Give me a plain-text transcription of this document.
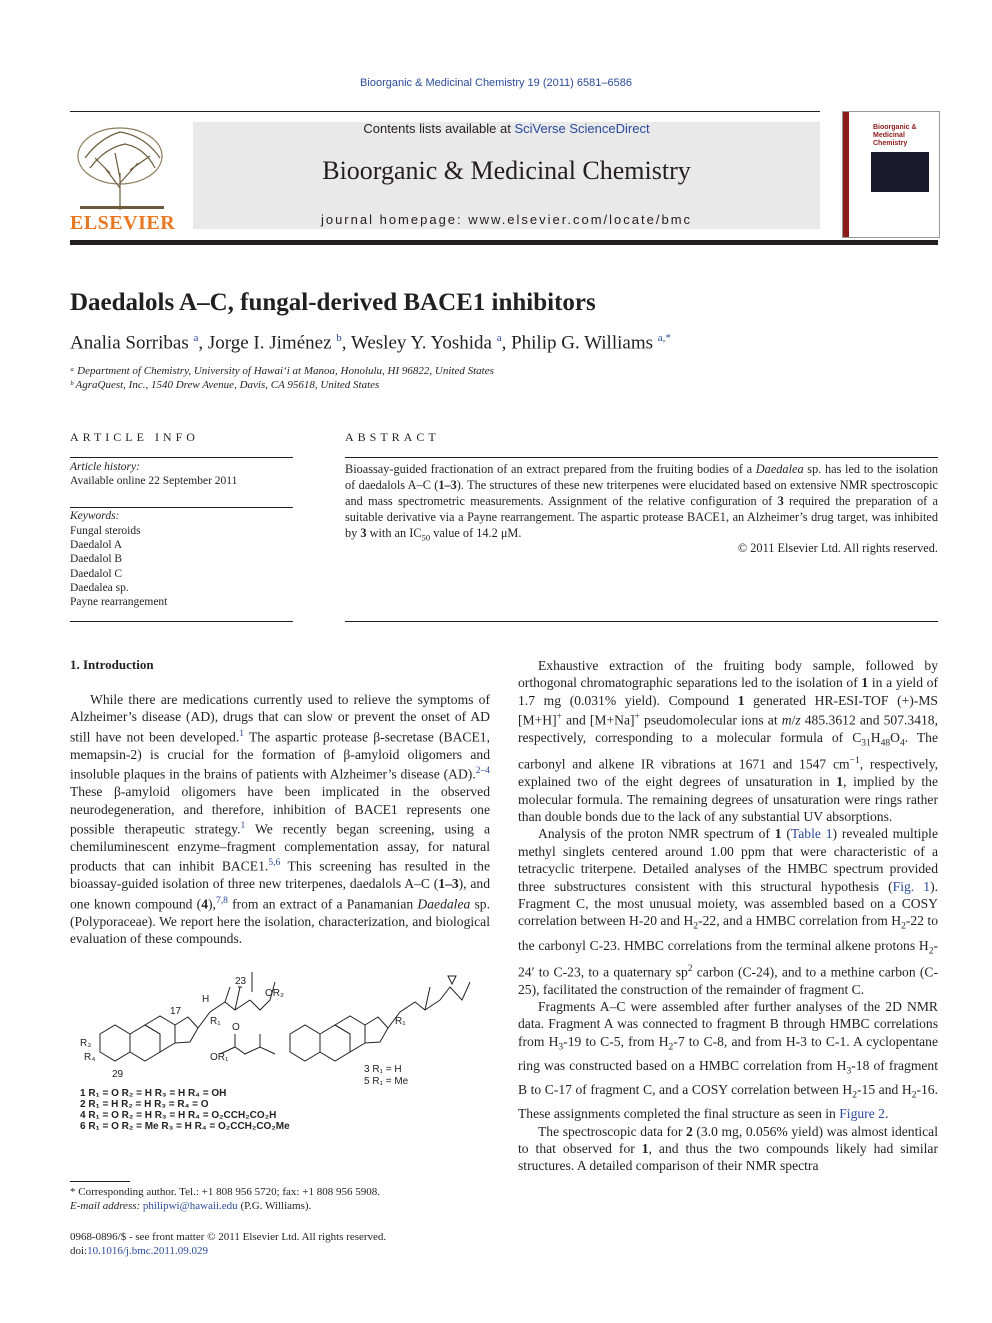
Bioorganic & Medicinal Chemistry 19 (2011) 6581–6586
Contents lists available at SciVerse ScienceDirect
Bioorganic & Medicinal Chemistry
journal homepage: www.elsevier.com/locate/bmc
ELSEVIER
Bioorganic & Medicinal Chemistry
Daedalols A–C, fungal-derived BACE1 inhibitors
Analia Sorribas $^a$, Jorge I. Jiménez $^b$, Wesley Y. Yoshida $^a$, Philip G. Williams $^{a,*}$
ᵃ Department of Chemistry, University of Hawaiʻi at Manoa, Honolulu, HI 96822, United States
ᵇ AgraQuest, Inc., 1540 Drew Avenue, Davis, CA 95618, United States
ARTICLE INFO
Article history:
Available online 22 September 2011
Keywords:
Fungal steroids
Daedalol A
Daedalol B
Daedalol C
Daedalea sp.
Payne rearrangement
ABSTRACT
Bioassay-guided fractionation of an extract prepared from the fruiting bodies of a Daedalea sp. has led to the isolation of daedalols A–C (1–3). The structures of these new triterpenes were elucidated based on extensive NMR spectroscopic and mass spectrometric measurements. Assignment of the relative configuration of 3 required the preparation of a suitable derivative via a Payne rearrangement. The aspartic protease BACE1, an Alzheimer’s drug target, was inhibited by 3 with an $IC_{50}$ value of 14.2 μM.
© 2011 Elsevier Ltd. All rights reserved.
1. Introduction
While there are medications currently used to relieve the symptoms of Alzheimer’s disease (AD), drugs that can slow or prevent the onset of AD still have not been developed.$^1$ The aspartic protease β-secretase (BACE1, memapsin-2) is crucial for the formation of β-amyloid oligomers and insoluble plaques in the brains of patients with Alzheimer’s disease (AD).$^{2-4}$ These β-amyloid oligomers have been implicated in the observed neurodegeneration, and therefore, inhibition of BACE1 represents one possible therapeutic strategy.$^1$ We recently began screening, using a chemiluminescent enzyme–fragment complementation assay, for natural products that can inhibit BACE1.$^{5,6}$ This screening has resulted in the bioassay-guided isolation of three new triterpenes, daedalols A–C (1–3), and one known compound (4),$^{7,8}$ from an extract of a Panamanian Daedalea sp. (Polyporaceae). We report here the isolation, characterization, and biological evaluation of these compounds.
23
17
29
H
R₁	R₁
R₃
R₄
OR₂
OR₁
O
3 R₁ = H
5 R₁ = Me
1 R₁ = O R₂ = H R₃ = H R₄ = OH
2 R₁ = H R₂ = H R₃ = R₄ = O
4 R₁ = O R₂ = H R₃ = H R₄ = O₂CCH₂CO₂H
6 R₁ = O R₂ = Me R₃ = H R₄ = O₂CCH₂CO₂Me
* Corresponding author. Tel.: +1 808 956 5720; fax: +1 808 956 5908.
E-mail address: philipwi@hawaii.edu (P.G. Williams).
0968-0896/$ - see front matter © 2011 Elsevier Ltd. All rights reserved.
doi:10.1016/j.bmc.2011.09.029

Exhaustive extraction of the fruiting body sample, followed by orthogonal chromatographic separations led to the isolation of 1 in a yield of 1.7 mg (0.031% yield). Compound 1 generated HR-ESI-TOF (+)-MS [M+H]+ and [M+Na]+ pseudomolecular ions at m/z 485.3612 and 507.3418, respectively, corresponding to a molecular formula of $C_{31}H_{48}O_4$. The carbonyl and alkene IR vibrations at 1671 and 1547 $cm^{-1}$, respectively, explained two of the eight degrees of unsaturation in 1, implied by the molecular formula. The remaining degrees of unsaturation were rings rather than double bonds due to the lack of any substantial UV absorptions.

Analysis of the proton NMR spectrum of 1 (Table 1) revealed multiple methyl singlets centered around 1.00 ppm that were characteristic of a tetracyclic triterpene. Detailed analyses of the HMBC spectrum provided three substructures consistent with this structural hypothesis (Fig. 1). Fragment C, the most unusual moiety, was assembled based on a COSY correlation between H-20 and $H_2-22$, and a HMBC correlation from $H_2-22$ to the carbonyl C-23. HMBC correlations from the terminal alkene protons $H_2-24'$ to C-23, to a quaternary $sp^2$ carbon (C-24), and to a methine carbon (C-25), facilitated the construction of the remainder of fragment C.

Fragments A–C were assembled after further analyses of the 2D NMR data. Fragment A was connected to fragment B through HMBC correlations from $H_3-19$ to C-5, from $H_2-7$ to C-8, and from H-3 to C-1. A cyclopentane ring was constructed based on a HMBC correlation from $H_3-18$ of fragment B to C-17 of fragment C, and a COSY correlation between $H_2-15$ and $H_2-16$. These assignments completed the final structure as seen in Figure 2.

The spectroscopic data for 2 (3.0 mg, 0.056% yield) was almost identical to that observed for 1, and thus the two compounds likely had similar structures. A detailed comparison of their NMR spectra
